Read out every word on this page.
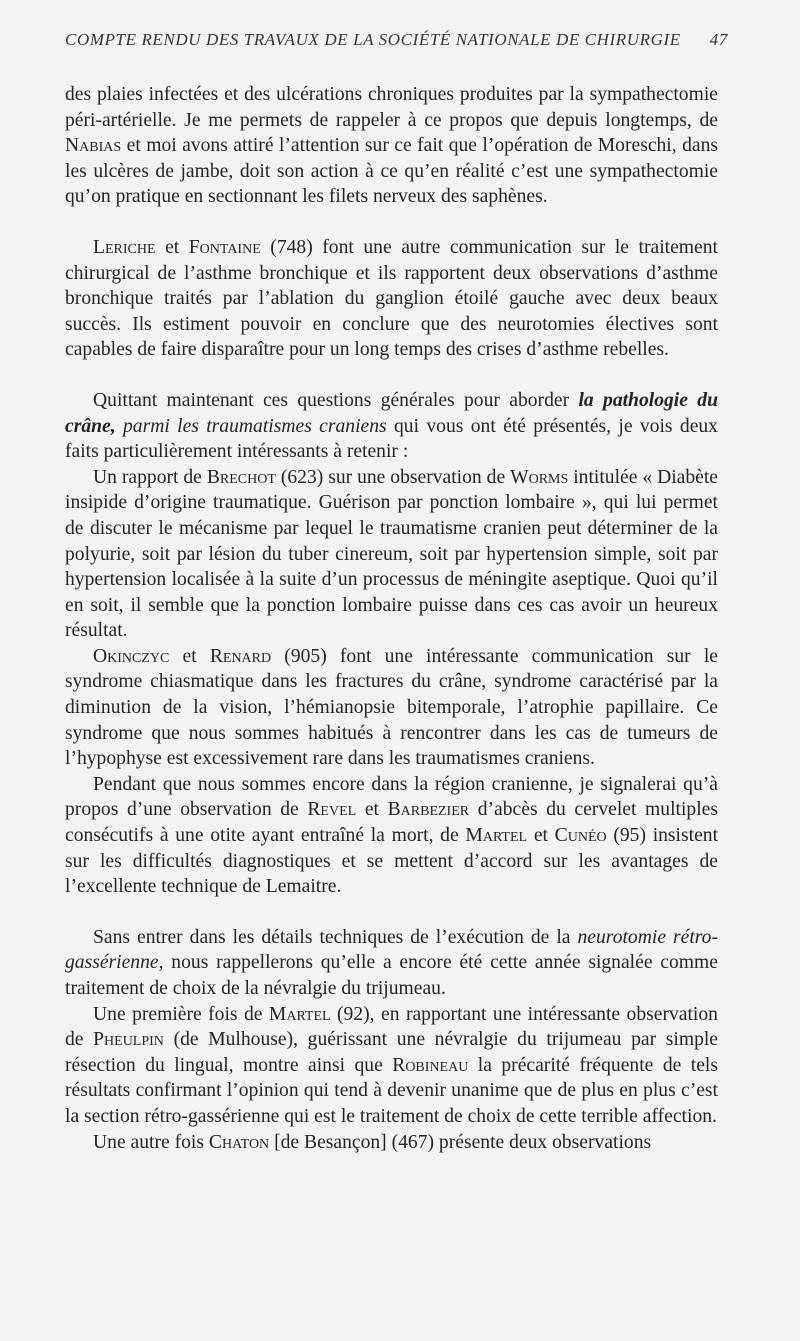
COMPTE RENDU DES TRAVAUX DE LA SOCIÉTÉ NATIONALE DE CHIRURGIE 47

des plaies infectées et des ulcérations chroniques produites par la sympathectomie péri-artérielle. Je me permets de rappeler à ce propos que depuis longtemps, de Nabias et moi avons attiré l’attention sur ce fait que l’opération de Moreschi, dans les ulcères de jambe, doit son action à ce qu’en réalité c’est une sympathectomie qu’on pratique en sectionnant les filets nerveux des saphènes.

Leriche et Fontaine (748) font une autre communication sur le traitement chirurgical de l’asthme bronchique et ils rapportent deux observations d’asthme bronchique traités par l’ablation du ganglion étoilé gauche avec deux beaux succès. Ils estiment pouvoir en conclure que des neurotomies électives sont capables de faire disparaître pour un long temps des crises d’asthme rebelles.

Quittant maintenant ces questions générales pour aborder la pathologie du crâne, parmi les traumatismes craniens qui vous ont été présentés, je vois deux faits particulièrement intéressants à retenir :

Un rapport de Brechot (623) sur une observation de Worms intitulée « Diabète insipide d’origine traumatique. Guérison par ponction lombaire », qui lui permet de discuter le mécanisme par lequel le traumatisme cranien peut déterminer de la polyurie, soit par lésion du tuber cinereum, soit par hypertension simple, soit par hypertension localisée à la suite d’un processus de méningite aseptique. Quoi qu’il en soit, il semble que la ponction lombaire puisse dans ces cas avoir un heureux résultat.

Okinczyc et Renard (905) font une intéressante communication sur le syndrome chiasmatique dans les fractures du crâne, syndrome caractérisé par la diminution de la vision, l’hémianopsie bitemporale, l’atrophie papillaire. Ce syndrome que nous sommes habitués à rencontrer dans les cas de tumeurs de l’hypophyse est excessivement rare dans les traumatismes craniens.

Pendant que nous sommes encore dans la région cranienne, je signalerai qu’à propos d’une observation de Revel et Barbezier d’abcès du cervelet multiples consécutifs à une otite ayant entraîné la mort, de Martel et Cunéo (95) insistent sur les difficultés diagnostiques et se mettent d’accord sur les avantages de l’excellente technique de Lemaitre.

Sans entrer dans les détails techniques de l’exécution de la neurotomie rétro-gassérienne, nous rappellerons qu’elle a encore été cette année signalée comme traitement de choix de la névralgie du trijumeau.

Une première fois de Martel (92), en rapportant une intéressante observation de Pheulpin (de Mulhouse), guérissant une névralgie du trijumeau par simple résection du lingual, montre ainsi que Robineau la précarité fréquente de tels résultats confirmant l’opinion qui tend à devenir unanime que de plus en plus c’est la section rétro-gassérienne qui est le traitement de choix de cette terrible affection.

Une autre fois Chaton [de Besançon] (467) présente deux observations
